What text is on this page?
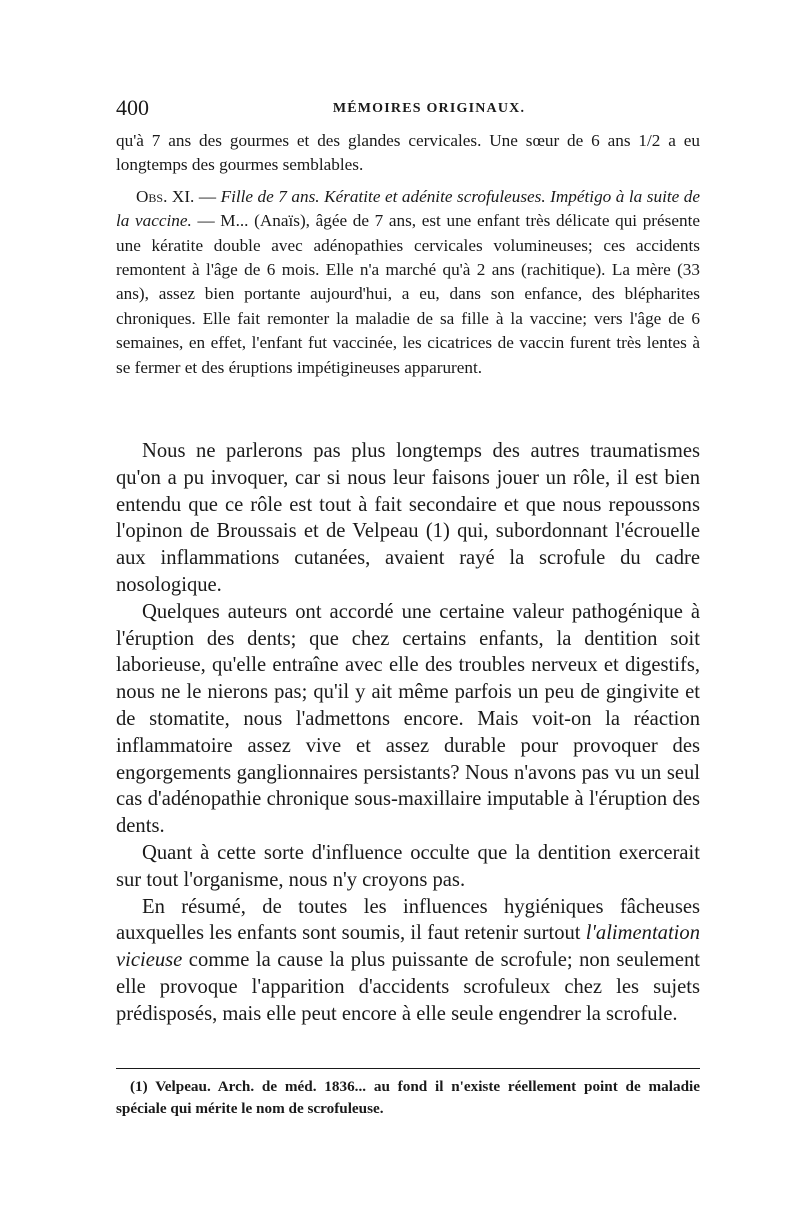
400	MÉMOIRES ORIGINAUX.

qu'à 7 ans des gourmes et des glandes cervicales. Une sœur de 6 ans 1/2 a eu longtemps des gourmes semblables.

Obs. XI. — Fille de 7 ans. Kératite et adénite scrofuleuses. Impétigo à la suite de la vaccine. — M... (Anaïs), âgée de 7 ans, est une enfant très délicate qui présente une kératite double avec adénopathies cervicales volumineuses; ces accidents remontent à l'âge de 6 mois. Elle n'a marché qu'à 2 ans (rachitique). La mère (33 ans), assez bien portante aujourd'hui, a eu, dans son enfance, des blépharites chroniques. Elle fait remonter la maladie de sa fille à la vaccine; vers l'âge de 6 semaines, en effet, l'enfant fut vaccinée, les cicatrices de vaccin furent très lentes à se fermer et des éruptions impétigineuses apparurent.

Nous ne parlerons pas plus longtemps des autres traumatismes qu'on a pu invoquer, car si nous leur faisons jouer un rôle, il est bien entendu que ce rôle est tout à fait secondaire et que nous repoussons l'opinon de Broussais et de Velpeau (1) qui, subordonnant l'écrouelle aux inflammations cutanées, avaient rayé la scrofule du cadre nosologique.

Quelques auteurs ont accordé une certaine valeur pathogénique à l'éruption des dents; que chez certains enfants, la dentition soit laborieuse, qu'elle entraîne avec elle des troubles nerveux et digestifs, nous ne le nierons pas; qu'il y ait même parfois un peu de gingivite et de stomatite, nous l'admettons encore. Mais voit-on la réaction inflammatoire assez vive et assez durable pour provoquer des engorgements ganglionnaires persistants? Nous n'avons pas vu un seul cas d'adénopathie chronique sous-maxillaire imputable à l'éruption des dents.

Quant à cette sorte d'influence occulte que la dentition exercerait sur tout l'organisme, nous n'y croyons pas.

En résumé, de toutes les influences hygiéniques fâcheuses auxquelles les enfants sont soumis, il faut retenir surtout l'alimentation vicieuse comme la cause la plus puissante de scrofule; non seulement elle provoque l'apparition d'accidents scrofuleux chez les sujets prédisposés, mais elle peut encore à elle seule engendrer la scrofule.

(1) Velpeau. Arch. de méd. 1836... au fond il n'existe réellement point de maladie spéciale qui mérite le nom de scrofuleuse.
